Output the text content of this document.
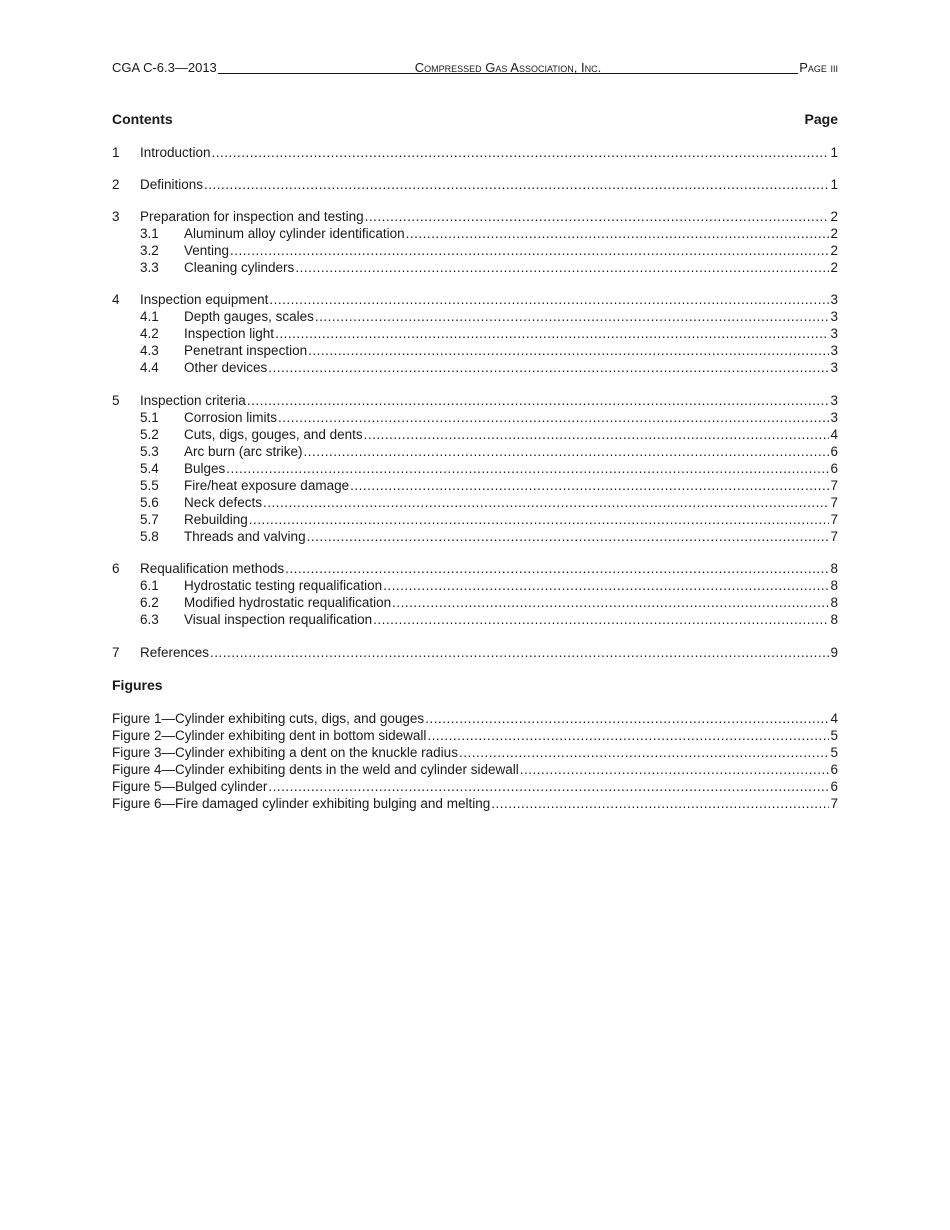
CGA C-6.3—2013	Compressed Gas Association, Inc.	Page iii
Contents	Page
1	Introduction .....	1
2	Definitions .....	1
3	Preparation for inspection and testing .....	2
3.1	Aluminum alloy cylinder identification .....	2
3.2	Venting .....	2
3.3	Cleaning cylinders .....	2
4	Inspection equipment .....	3
4.1	Depth gauges, scales .....	3
4.2	Inspection light .....	3
4.3	Penetrant inspection .....	3
4.4	Other devices .....	3
5	Inspection criteria .....	3
5.1	Corrosion limits .....	3
5.2	Cuts, digs, gouges, and dents .....	4
5.3	Arc burn (arc strike) .....	6
5.4	Bulges .....	6
5.5	Fire/heat exposure damage .....	7
5.6	Neck defects .....	7
5.7	Rebuilding .....	7
5.8	Threads and valving .....	7
6	Requalification methods .....	8
6.1	Hydrostatic testing requalification .....	8
6.2	Modified hydrostatic requalification .....	8
6.3	Visual inspection requalification .....	8
7	References .....	9
Figures
Figure 1—Cylinder exhibiting cuts, digs, and gouges .....	4
Figure 2—Cylinder exhibiting dent in bottom sidewall .....	5
Figure 3—Cylinder exhibiting a dent on the knuckle radius .....	5
Figure 4—Cylinder exhibiting dents in the weld and cylinder sidewall .....	6
Figure 5—Bulged cylinder .....	6
Figure 6—Fire damaged cylinder exhibiting bulging and melting .....	7
